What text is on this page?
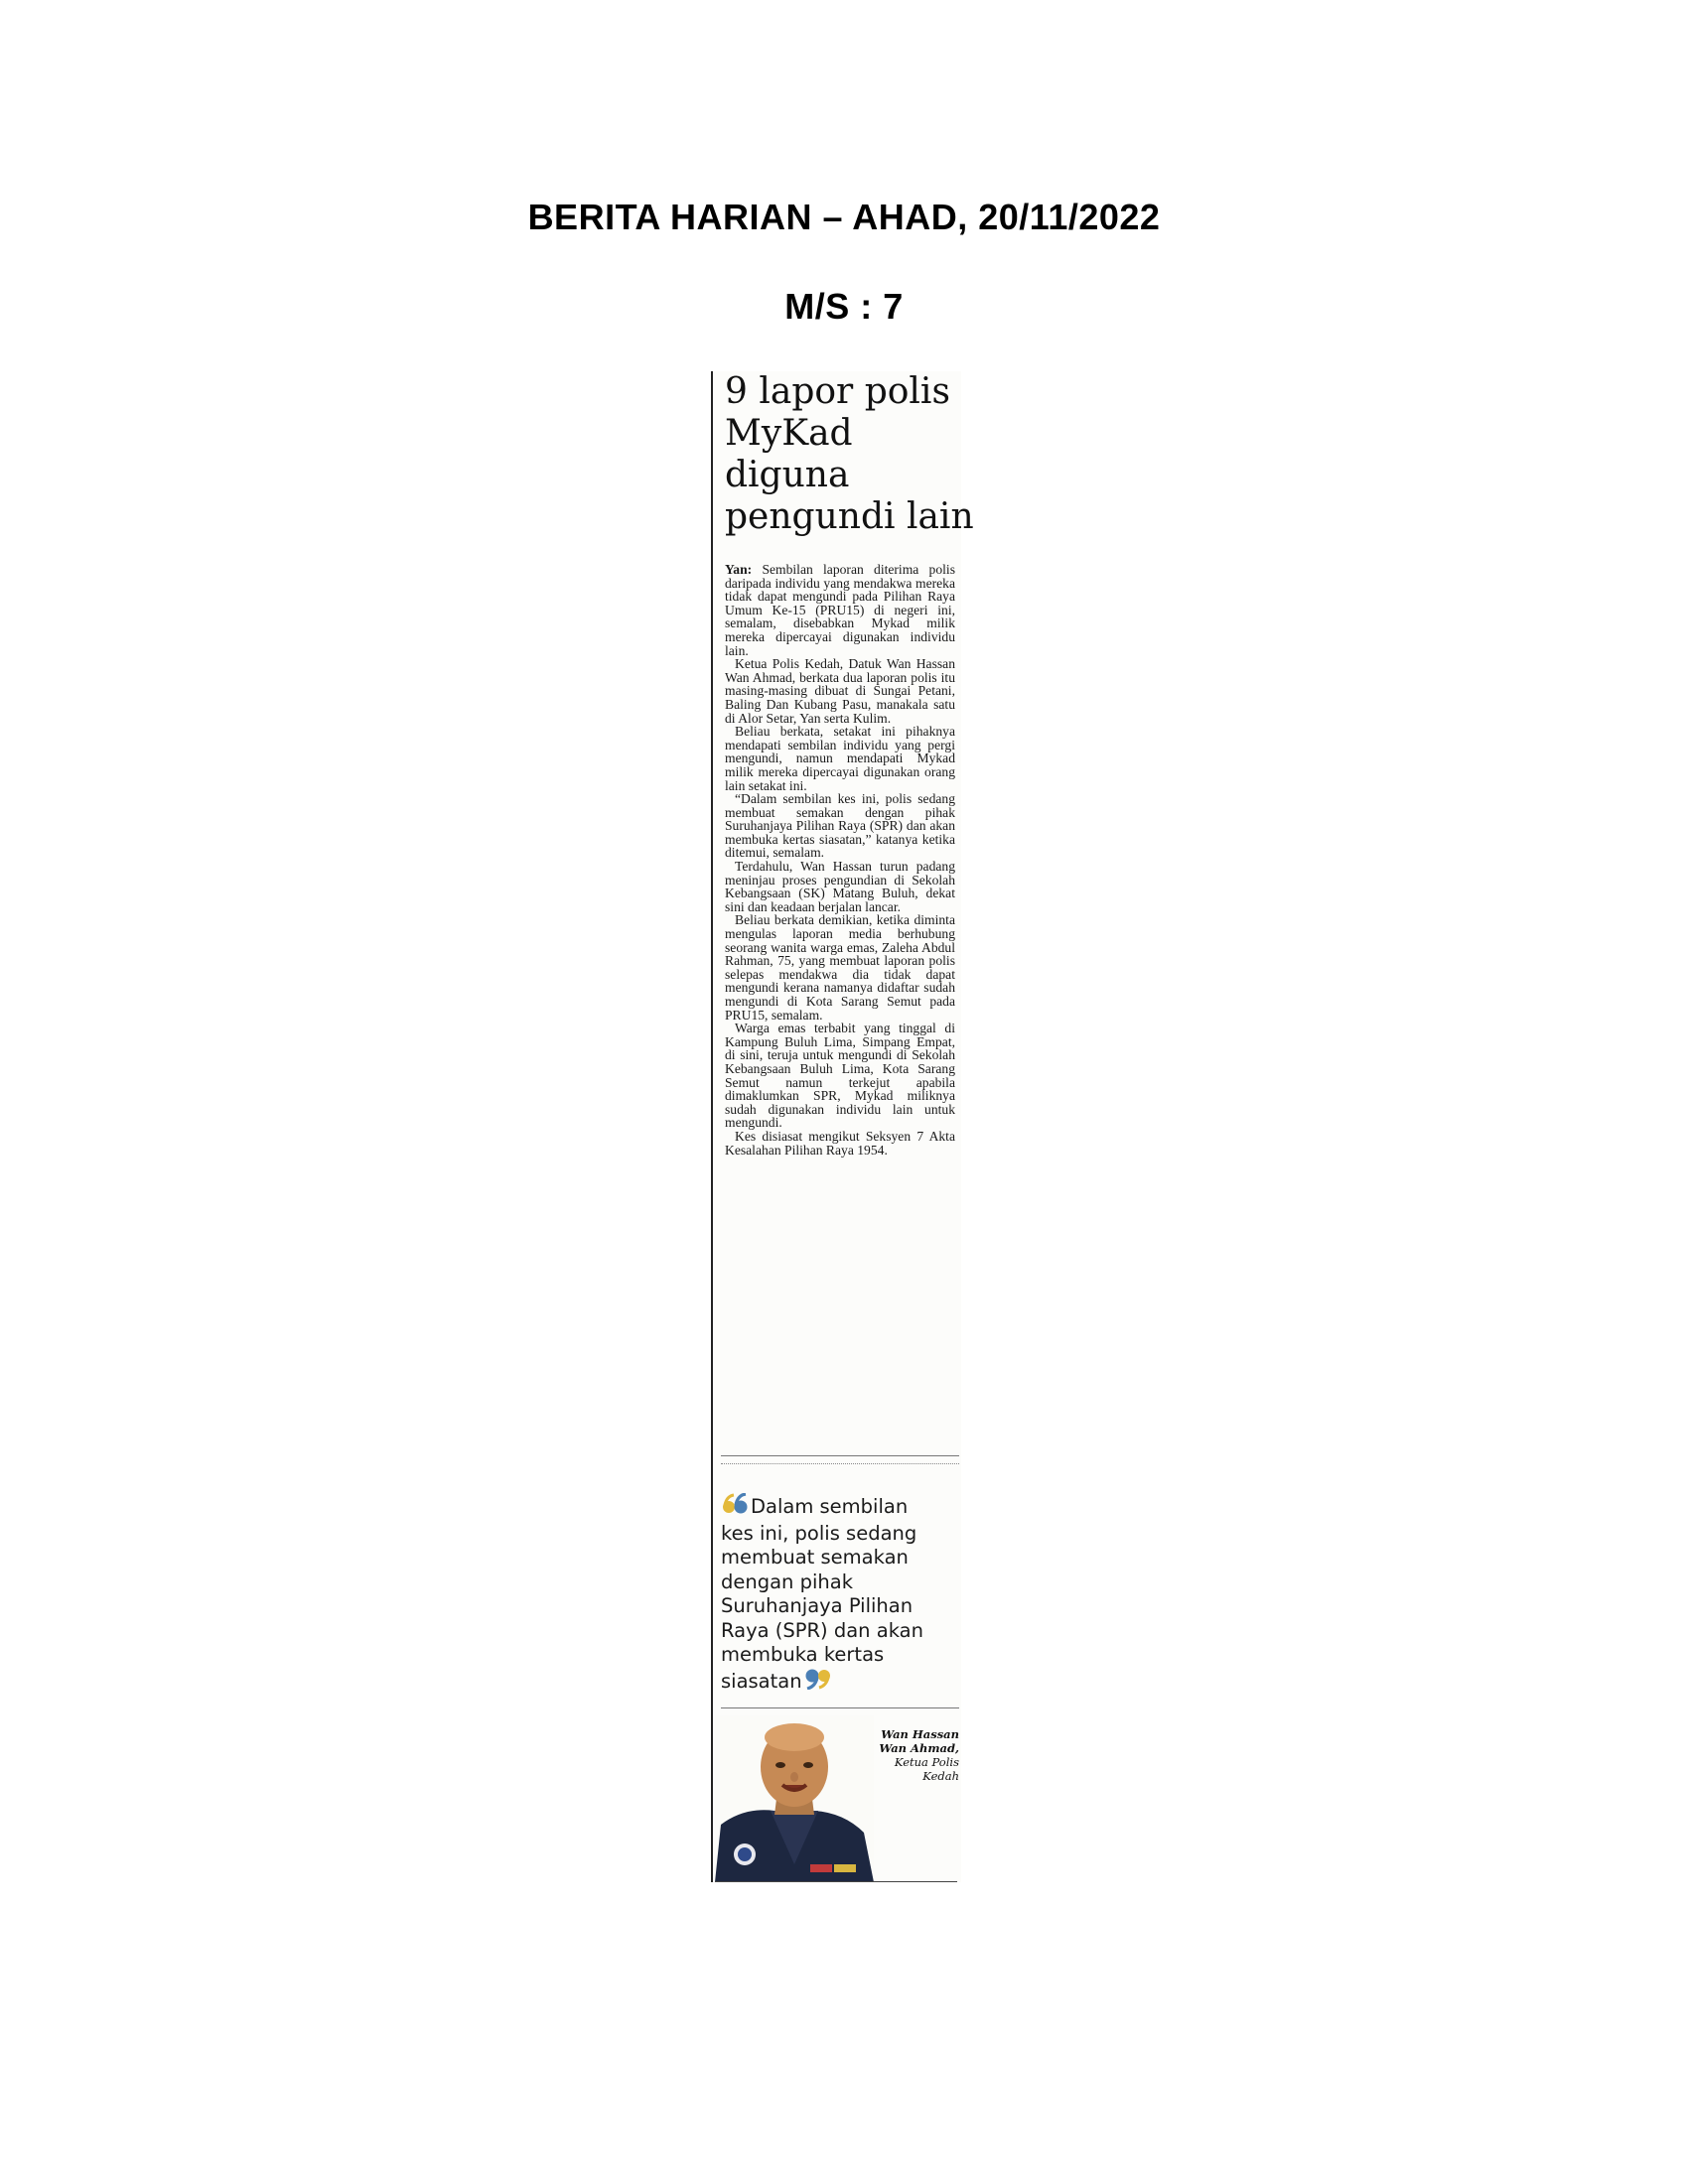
BERITA HARIAN – AHAD, 20/11/2022
M/S : 7
9 lapor polis
MyKad
diguna
pengundi lain

Yan: Sembilan laporan diterima polis daripada individu yang mendakwa mereka tidak dapat mengundi pada Pilihan Raya Umum Ke-15 (PRU15) di negeri ini, semalam, disebabkan Mykad milik mereka dipercayai digunakan individu lain.

Ketua Polis Kedah, Datuk Wan Hassan Wan Ahmad, berkata dua laporan polis itu masing-masing dibuat di Sungai Petani, Baling Dan Kubang Pasu, manakala satu di Alor Setar, Yan serta Kulim.

Beliau berkata, setakat ini pihaknya mendapati sembilan individu yang pergi mengundi, namun mendapati Mykad milik mereka dipercayai digunakan orang lain setakat ini.

“Dalam sembilan kes ini, polis sedang membuat semakan dengan pihak Suruhanjaya Pilihan Raya (SPR) dan akan membuka kertas siasatan,” katanya ketika ditemui, semalam.

Terdahulu, Wan Hassan turun padang meninjau proses pengundian di Sekolah Kebangsaan (SK) Matang Buluh, dekat sini dan keadaan berjalan lancar.

Beliau berkata demikian, ketika diminta mengulas laporan media berhubung seorang wanita warga emas, Zaleha Abdul Rahman, 75, yang membuat laporan polis selepas mendakwa dia tidak dapat mengundi kerana namanya didaftar sudah mengundi di Kota Sarang Semut pada PRU15, semalam.

Warga emas terbabit yang tinggal di Kampung Buluh Lima, Simpang Empat, di sini, teruja untuk mengundi di Sekolah Kebangsaan Buluh Lima, Kota Sarang Semut namun terkejut apabila dimaklumkan SPR, Mykad miliknya sudah digunakan individu lain untuk mengundi.

Kes disiasat mengikut Seksyen 7 Akta Kesalahan Pilihan Raya 1954.

Dalam sembilan
kes ini, polis sedang
membuat semakan
dengan pihak
Suruhanjaya Pilihan
Raya (SPR) dan akan
membuka kertas
siasatan
Wan Hassan Wan Ahmad,
Ketua Polis Kedah
